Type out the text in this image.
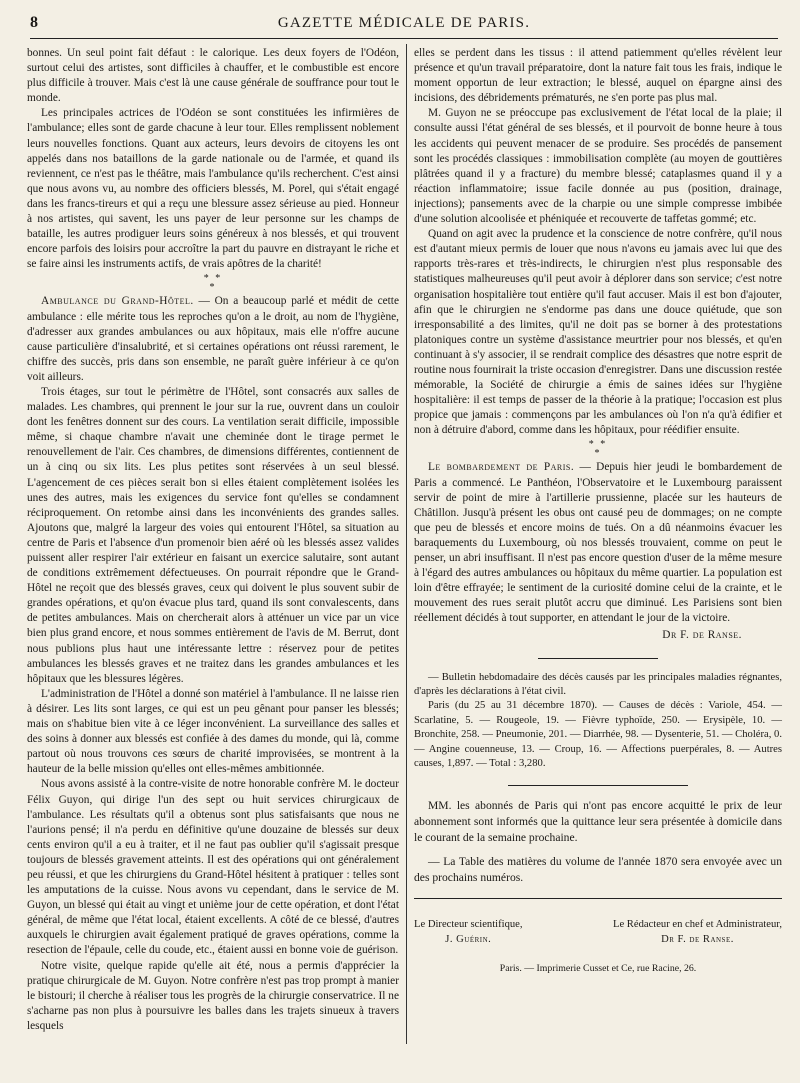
8	GAZETTE MÉDICALE DE PARIS.

bonnes. Un seul point fait défaut : le calorique. Les deux foyers de l'Odéon, surtout celui des artistes, sont difficiles à chauffer, et le combustible est encore plus difficile à trouver. Mais c'est là une cause générale de souffrance pour tout le monde.

Les principales actrices de l'Odéon se sont constituées les infirmières de l'ambulance; elles sont de garde chacune à leur tour. Elles remplissent noblement leurs nouvelles fonctions. Quant aux acteurs, leurs devoirs de citoyens les ont appelés dans nos bataillons de la garde nationale ou de l'armée, et quand ils reviennent, ce n'est pas le théâtre, mais l'ambulance qu'ils recherchent. C'est ainsi que nous avons vu, au nombre des officiers blessés, M. Porel, qui s'était engagé dans les francs-tireurs et qui a reçu une blessure assez sérieuse au pied. Honneur à nos artistes, qui savent, les uns payer de leur personne sur les champs de bataille, les autres prodiguer leurs soins généreux à nos blessés, et qui trouvent encore parfois des loisirs pour accroître la part du pauvre en distrayant le riche et se faire ainsi les instruments actifs, de vrais apôtres de la charité!

* *
*

Ambulance du Grand-Hôtel. — On a beaucoup parlé et médit de cette ambulance : elle mérite tous les reproches qu'on a le droit, au nom de l'hygiène, d'adresser aux grandes ambulances ou aux hôpitaux, mais elle n'offre aucune cause particulière d'insalubrité, et si certaines opérations ont réussi rarement, le chiffre des succès, pris dans son ensemble, ne paraît guère inférieur à ce qu'on voit ailleurs.

Trois étages, sur tout le périmètre de l'Hôtel, sont consacrés aux salles de malades. Les chambres, qui prennent le jour sur la rue, ouvrent dans un couloir dont les fenêtres donnent sur des cours. La ventilation serait difficile, impossible même, si chaque chambre n'avait une cheminée dont le tirage permet le renouvellement de l'air. Ces chambres, de dimensions différentes, contiennent de un à cinq ou six lits. Les plus petites sont réservées à un seul blessé. L'agencement de ces pièces serait bon si elles étaient complètement isolées les unes des autres, mais les exigences du service font qu'elles se condamnent réciproquement. On retombe ainsi dans les inconvénients des grandes salles. Ajoutons que, malgré la largeur des voies qui entourent l'Hôtel, sa situation au centre de Paris et l'absence d'un promenoir bien aéré où les blessés assez valides puissent aller respirer l'air extérieur en faisant un exercice salutaire, sont autant de conditions extrêmement défectueuses. On pourrait répondre que le Grand-Hôtel ne reçoit que des blessés graves, ceux qui doivent le plus souvent subir de grandes opérations, et qu'on évacue plus tard, quand ils sont convalescents, dans de petites ambulances. Mais on chercherait alors à atténuer un vice par un vice bien plus grand encore, et nous sommes entièrement de l'avis de M. Berrut, dont nous publions plus haut une intéressante lettre : réservez pour de petites ambulances les blessés graves et ne traitez dans les grandes ambulances et les hôpitaux que les blessures légères.

L'administration de l'Hôtel a donné son matériel à l'ambulance. Il ne laisse rien à désirer. Les lits sont larges, ce qui est un peu gênant pour panser les blessés; mais on s'habitue bien vite à ce léger inconvénient. La surveillance des salles et des soins à donner aux blessés est confiée à des dames du monde, qui là, comme partout où nous trouvons ces sœurs de charité improvisées, se montrent à la hauteur de la belle mission qu'elles ont elles-mêmes ambitionnée.

Nous avons assisté à la contre-visite de notre honorable confrère M. le docteur Félix Guyon, qui dirige l'un des sept ou huit services chirurgicaux de l'ambulance. Les résultats qu'il a obtenus sont plus satisfaisants que nous ne l'aurions pensé; il n'a perdu en définitive qu'une douzaine de blessés sur deux cents environ qu'il a eu à traiter, et il ne faut pas oublier qu'il s'agissait presque toujours de blessés gravement atteints. Il est des opérations qui ont généralement peu réussi, et que les chirurgiens du Grand-Hôtel hésitent à pratiquer : telles sont les amputations de la cuisse. Nous avons vu cependant, dans le service de M. Guyon, un blessé qui était au vingt et unième jour de cette opération, et dont l'état général, de même que l'état local, étaient excellents. A côté de ce blessé, d'autres auxquels le chirurgien avait également pratiqué de graves opérations, comme la resection de l'épaule, celle du coude, etc., étaient aussi en bonne voie de guérison.

Notre visite, quelque rapide qu'elle ait été, nous a permis d'apprécier la pratique chirurgicale de M. Guyon. Notre confrère n'est pas trop prompt à manier le bistouri; il cherche à réaliser tous les progrès de la chirurgie conservatrice. Il ne s'acharne pas non plus à poursuivre les balles dans les trajets sinueux à travers lesquels

elles se perdent dans les tissus : il attend patiemment qu'elles révèlent leur présence et qu'un travail préparatoire, dont la nature fait tous les frais, indique le moment opportun de leur extraction; le blessé, auquel on épargne ainsi des incisions, des débridements prématurés, ne s'en porte pas plus mal.

M. Guyon ne se préoccupe pas exclusivement de l'état local de la plaie; il consulte aussi l'état général de ses blessés, et il pourvoit de bonne heure à tous les accidents qui peuvent menacer de se produire. Ses procédés de pansement sont les procédés classiques : immobilisation complète (au moyen de gouttières plâtrées quand il y a fracture) du membre blessé; cataplasmes quand il y a réaction inflammatoire; issue facile donnée au pus (position, drainage, injections); pansements avec de la charpie ou une simple compresse imbibée d'une solution alcoolisée et phéniquée et recouverte de taffetas gommé; etc.

Quand on agit avec la prudence et la conscience de notre confrère, qu'il nous est d'autant mieux permis de louer que nous n'avons eu jamais avec lui que des rapports très-rares et très-indirects, le chirurgien n'est plus responsable des statistiques malheureuses qu'il peut avoir à déplorer dans son service; c'est notre organisation hospitalière tout entière qu'il faut accuser. Mais il est bon d'ajouter, afin que le chirurgien ne s'endorme pas dans une douce quiétude, que son irresponsabilité a des limites, qu'il ne doit pas se borner à des protestations platoniques contre un système d'assistance meurtrier pour nos blessés, et qu'en continuant à s'y associer, il se rendrait complice des désastres que notre esprit de routine nous fournirait la triste occasion d'enregistrer. Dans une discussion restée mémorable, la Société de chirurgie a émis de saines idées sur l'hygiène hospitalière: il est temps de passer de la théorie à la pratique; l'occasion est plus propice que jamais : commençons par les ambulances où l'on n'a qu'à édifier et non à détruire d'abord, comme dans les hôpitaux, pour réédifier ensuite.

* *
*

Le bombardement de Paris. — Depuis hier jeudi le bombardement de Paris a commencé. Le Panthéon, l'Observatoire et le Luxembourg paraissent servir de point de mire à l'artillerie prussienne, placée sur les hauteurs de Châtillon. Jusqu'à présent les obus ont causé peu de dommages; on ne compte que peu de blessés et encore moins de tués. On a dû néanmoins évacuer les baraquements du Luxembourg, où nos blessés trouvaient, comme on peut le penser, un abri insuffisant. Il n'est pas encore question d'user de la même mesure à l'égard des autres ambulances ou hôpitaux du même quartier. La population est loin d'être effrayée; le sentiment de la curiosité domine celui de la crainte, et le mouvement des rues serait plutôt accru que diminué. Les Parisiens sont bien réellement décidés à tout supporter, en attendant le jour de la victoire.

Dr F. de Ranse.

— Bulletin hebdomadaire des décès causés par les principales maladies régnantes, d'après les déclarations à l'état civil.

Paris (du 25 au 31 décembre 1870). — Causes de décès : Variole, 454. — Scarlatine, 5. — Rougeole, 19. — Fièvre typhoïde, 250. — Erysipèle, 10. — Bronchite, 258. — Pneumonie, 201. — Diarrhée, 98. — Dysenterie, 51. — Choléra, 0. — Angine couenneuse, 13. — Croup, 16. — Affections puerpérales, 8. — Autres causes, 1,897. — Total : 3,280.

MM. les abonnés de Paris qui n'ont pas encore acquitté le prix de leur abonnement sont informés que la quittance leur sera présentée à domicile dans le courant de la semaine prochaine.

— La Table des matières du volume de l'année 1870 sera envoyée avec un des prochains numéros.

Le Directeur scientifique,
J. Guérin.
Le Rédacteur en chef et Administrateur,
Dr F. de Ranse.
Paris. — Imprimerie Cusset et Ce, rue Racine, 26.
